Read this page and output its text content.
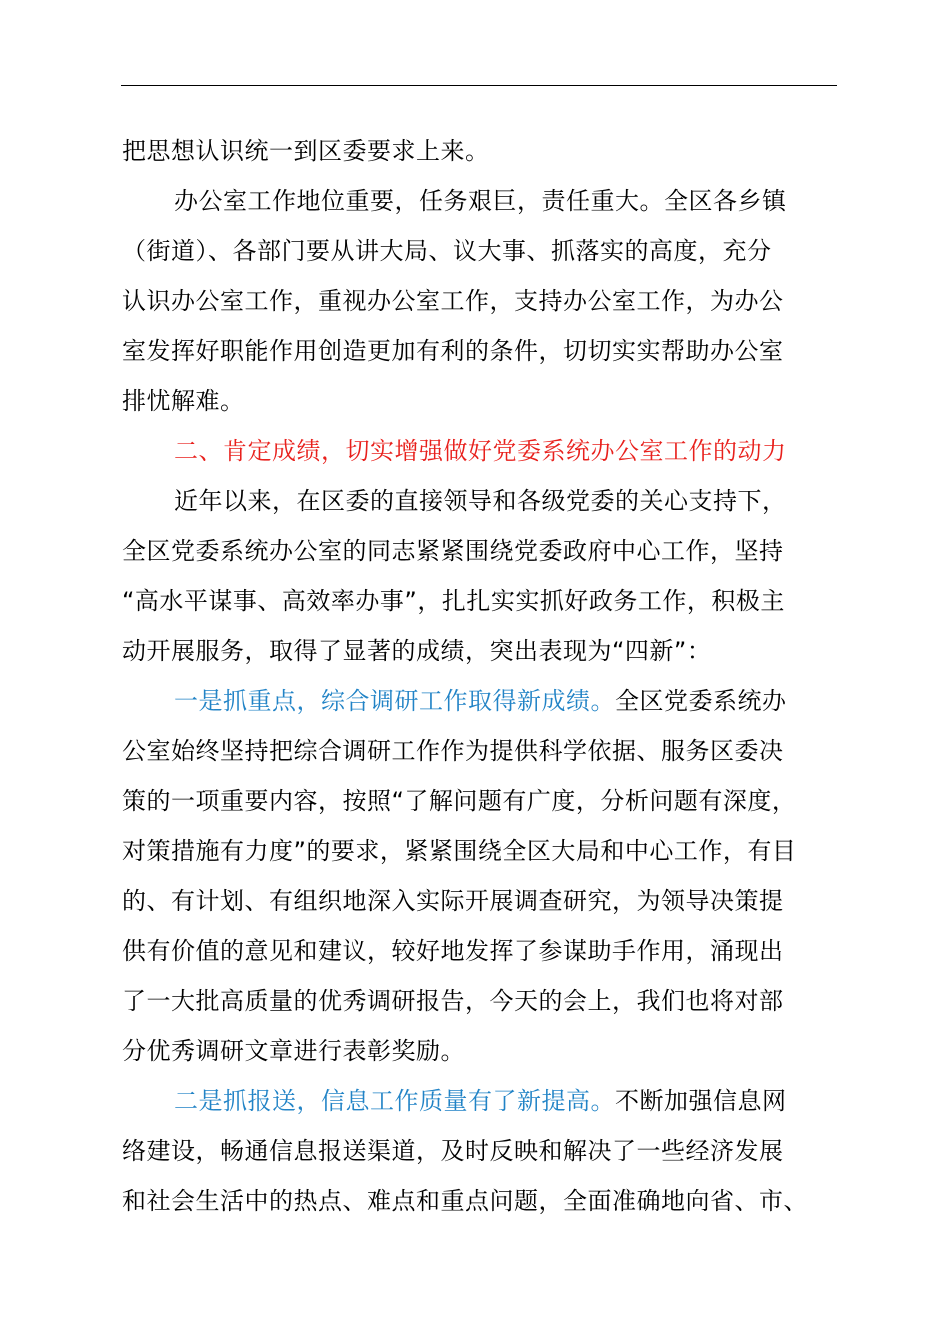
把思想认识统一到区委要求上来。
办公室工作地位重要，任务艰巨，责任重大。全区各乡镇
（街道）、各部门要从讲大局、议大事、抓落实的高度，充分
认识办公室工作，重视办公室工作，支持办公室工作，为办公
室发挥好职能作用创造更加有利的条件，切切实实帮助办公室
排忧解难。
二、肯定成绩，切实增强做好党委系统办公室工作的动力
近年以来，在区委的直接领导和各级党委的关心支持下，
全区党委系统办公室的同志紧紧围绕党委政府中心工作，坚持
“高水平谋事、高效率办事”，扎扎实实抓好政务工作，积极主
动开展服务，取得了显著的成绩，突出表现为“四新”：
一是抓重点，综合调研工作取得新成绩。全区党委系统办
公室始终坚持把综合调研工作作为提供科学依据、服务区委决
策的一项重要内容，按照“了解问题有广度，分析问题有深度，
对策措施有力度”的要求，紧紧围绕全区大局和中心工作，有目
的、有计划、有组织地深入实际开展调查研究，为领导决策提
供有价值的意见和建议，较好地发挥了参谋助手作用，涌现出
了一大批高质量的优秀调研报告，今天的会上，我们也将对部
分优秀调研文章进行表彰奖励。
二是抓报送，信息工作质量有了新提高。不断加强信息网
络建设，畅通信息报送渠道，及时反映和解决了一些经济发展
和社会生活中的热点、难点和重点问题，全面准确地向省、市、
